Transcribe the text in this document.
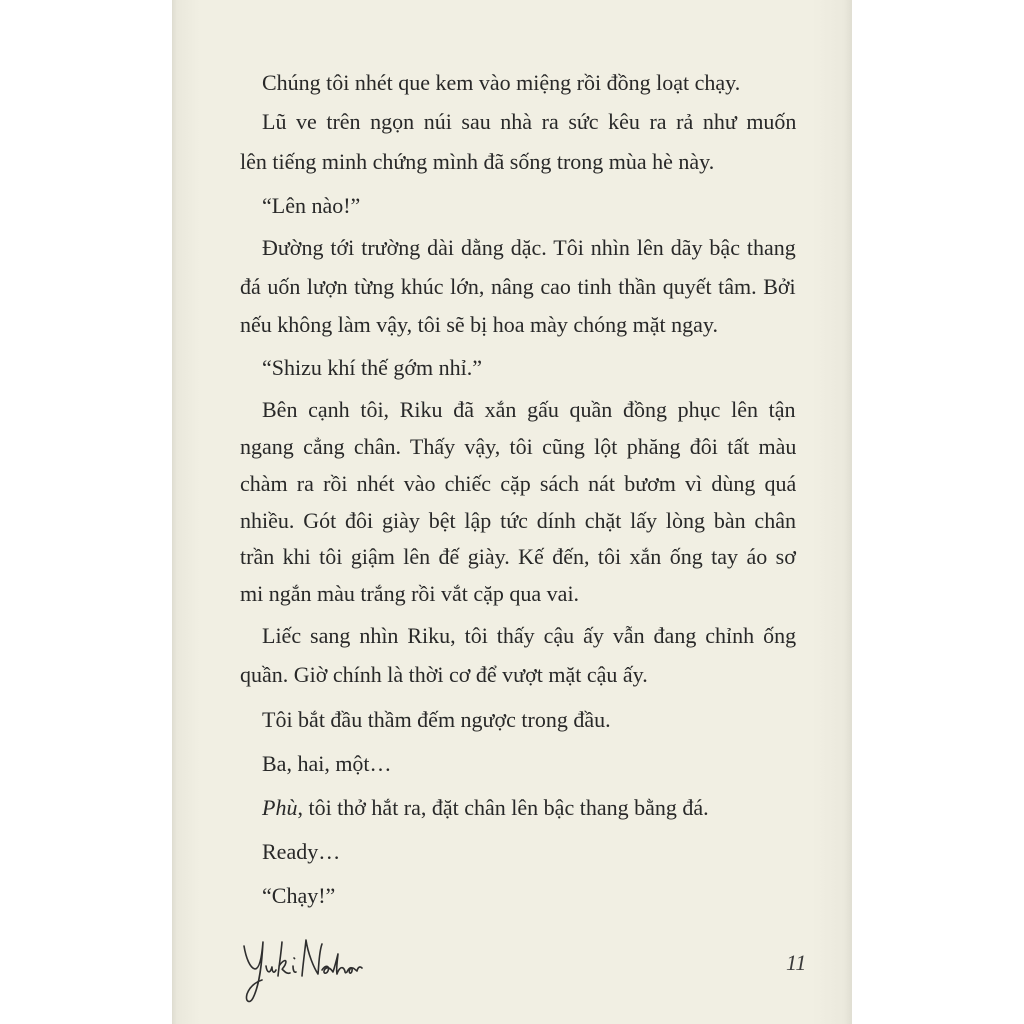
Chúng tôi nhét que kem vào miệng rồi đồng loạt chạy.
Lũ ve trên ngọn núi sau nhà ra sức kêu ra rả như muốn
lên tiếng minh chứng mình đã sống trong mùa hè này.
“Lên nào!”
Đường tới trường dài dằng dặc. Tôi nhìn lên dãy bậc thang
đá uốn lượn từng khúc lớn, nâng cao tinh thần quyết tâm. Bởi
nếu không làm vậy, tôi sẽ bị hoa mày chóng mặt ngay.
“Shizu khí thế gớm nhỉ.”
Bên cạnh tôi, Riku đã xắn gấu quần đồng phục lên tận
ngang cẳng chân. Thấy vậy, tôi cũng lột phăng đôi tất màu
chàm ra rồi nhét vào chiếc cặp sách nát bươm vì dùng quá
nhiều. Gót đôi giày bệt lập tức dính chặt lấy lòng bàn chân
trần khi tôi giậm lên đế giày. Kế đến, tôi xắn ống tay áo sơ
mi ngắn màu trắng rồi vắt cặp qua vai.
Liếc sang nhìn Riku, tôi thấy cậu ấy vẫn đang chỉnh ống
quần. Giờ chính là thời cơ để vượt mặt cậu ấy.
Tôi bắt đầu thầm đếm ngược trong đầu.
Ba, hai, một…
Phù, tôi thở hắt ra, đặt chân lên bậc thang bằng đá.
Ready…
“Chạy!”
11
